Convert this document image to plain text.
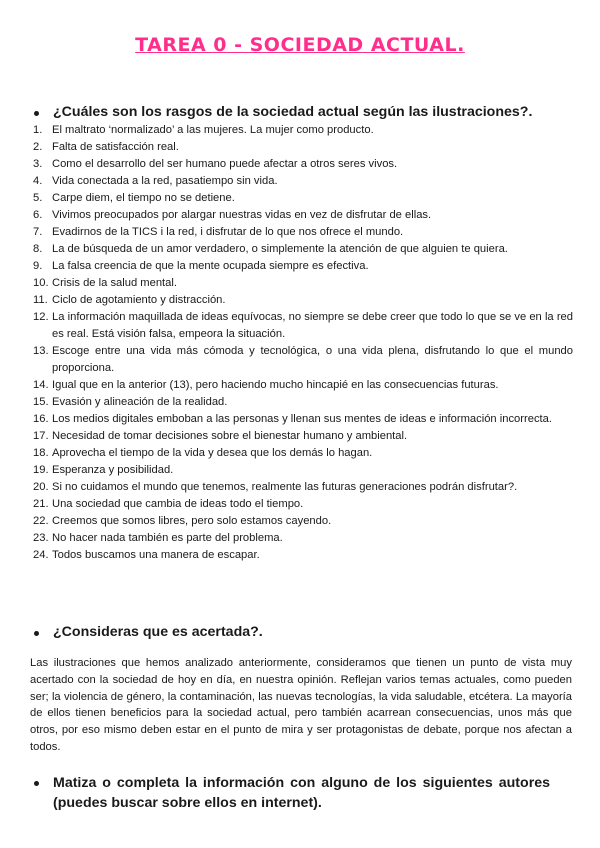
TAREA 0 - SOCIEDAD ACTUAL.

¿Cuáles son los rasgos de la sociedad actual según las ilustraciones?.

1. El maltrato ‘normalizado’ a las mujeres. La mujer como producto.
2. Falta de satisfacción real.
3. Como el desarrollo del ser humano puede afectar a otros seres vivos.
4. Vida conectada a la red, pasatiempo sin vida.
5. Carpe diem, el tiempo no se detiene.
6. Vivimos preocupados por alargar nuestras vidas en vez de disfrutar de ellas.
7. Evadirnos de la TICS i la red, i disfrutar de lo que nos ofrece el mundo.
8. La de búsqueda de un amor verdadero, o simplemente la atención de que alguien te quiera.
9. La falsa creencia de que la mente ocupada siempre es efectiva.
10. Crisis de la salud mental.
11. Ciclo de agotamiento y distracción.
12. La información maquillada de ideas equívocas, no siempre se debe creer que todo lo que se ve en la red es real. Está visión falsa, empeora la situación.
13. Escoge entre una vida más cómoda y tecnológica, o una vida plena, disfrutando lo que el mundo proporciona.
14. Igual que en la anterior (13), pero haciendo mucho hincapié en las consecuencias futuras.
15. Evasión y alineación de la realidad.
16. Los medios digitales emboban a las personas y llenan sus mentes de ideas e información incorrecta.
17. Necesidad de tomar decisiones sobre el bienestar humano y ambiental.
18. Aprovecha el tiempo de la vida y desea que los demás lo hagan.
19. Esperanza y posibilidad.
20. Si no cuidamos el mundo que tenemos, realmente las futuras generaciones podrán disfrutar?.
21. Una sociedad que cambia de ideas todo el tiempo.
22. Creemos que somos libres, pero solo estamos cayendo.
23. No hacer nada también es parte del problema.
24. Todos buscamos una manera de escapar.

¿Consideras que es acertada?.

Las ilustraciones que hemos analizado anteriormente, consideramos que tienen un punto de vista muy acertado con la sociedad de hoy en día, en nuestra opinión. Reflejan varios temas actuales, como pueden ser; la violencia de género, la contaminación, las nuevas tecnologías, la vida saludable, etcétera. La mayoría de ellos tienen beneficios para la sociedad actual, pero también acarrean consecuencias, unos más que otros, por eso mismo deben estar en el punto de mira y ser protagonistas de debate, porque nos afectan a todos.

Matiza o completa la información con alguno de los siguientes autores (puedes buscar sobre ellos en internet).
